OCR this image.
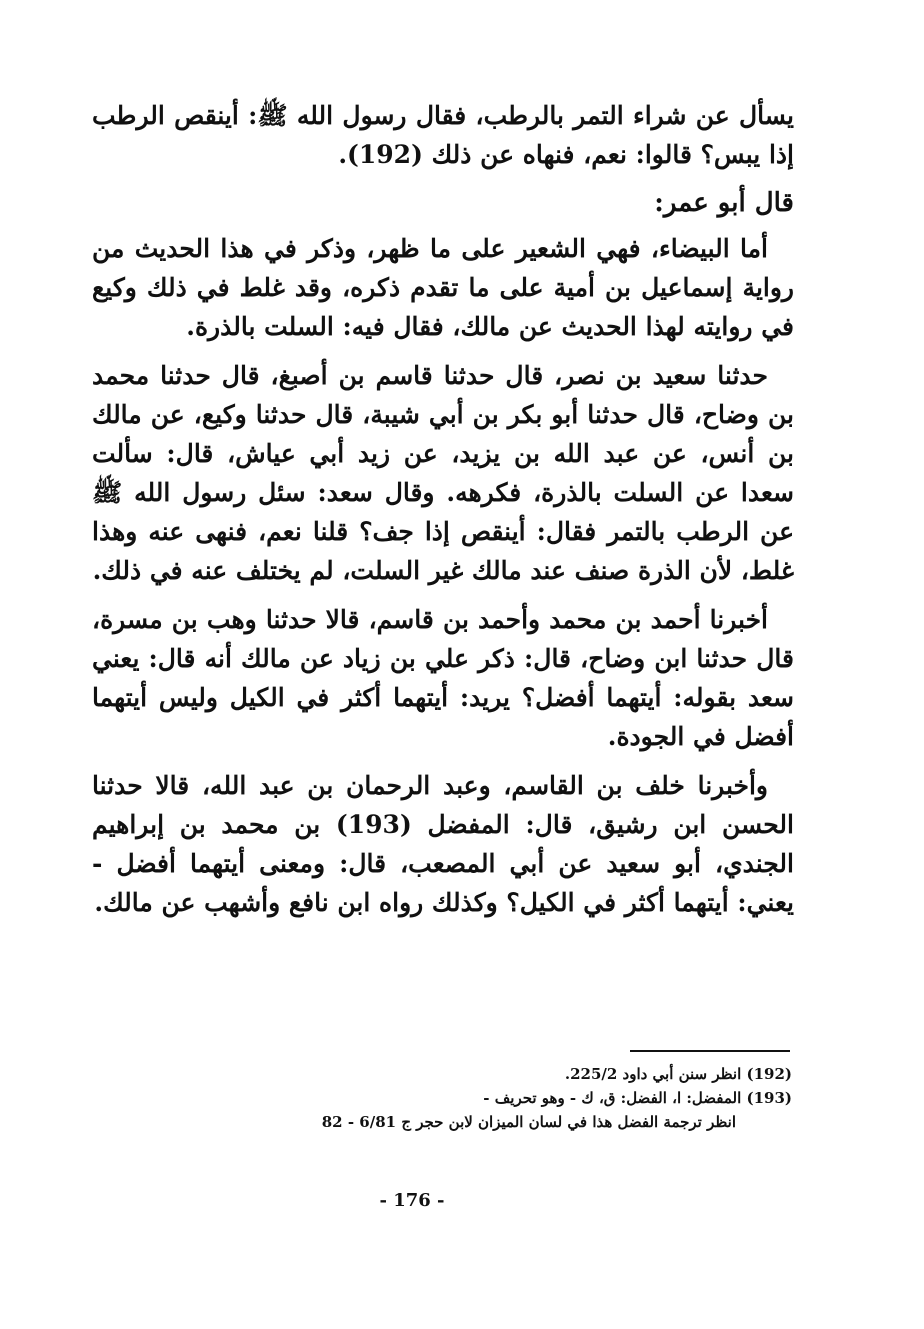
يسأل عن شراء التمر بالرطب، فقال رسول الله ﷺ: أينقص الرطب إذا يبس؟ قالوا: نعم، فنهاه عن ذلك (192).

قال أبو عمر:

أما البيضاء، فهي الشعير على ما ظهر، وذكر في هذا الحديث من رواية إسماعيل بن أمية على ما تقدم ذكره، وقد غلط في ذلك وكيع في روايته لهذا الحديث عن مالك، فقال فيه: السلت بالذرة.

حدثنا سعيد بن نصر، قال حدثنا قاسم بن أصبغ، قال حدثنا محمد بن وضاح، قال حدثنا أبو بكر بن أبي شيبة، قال حدثنا وكيع، عن مالك بن أنس، عن عبد الله بن يزيد، عن زيد أبي عياش، قال: سألت سعدا عن السلت بالذرة، فكرهه. وقال سعد: سئل رسول الله ﷺ عن الرطب بالتمر فقال: أينقص إذا جف؟ قلنا نعم، فنهى عنه وهذا غلط، لأن الذرة صنف عند مالك غير السلت، لم يختلف عنه في ذلك.

أخبرنا أحمد بن محمد وأحمد بن قاسم، قالا حدثنا وهب بن مسرة، قال حدثنا ابن وضاح، قال: ذكر علي بن زياد عن مالك أنه قال: يعني سعد بقوله: أيتهما أفضل؟ يريد: أيتهما أكثر في الكيل وليس أيتهما أفضل في الجودة.

وأخبرنا خلف بن القاسم، وعبد الرحمان بن عبد الله، قالا حدثنا الحسن ابن رشيق، قال: المفضل (193) بن محمد بن إبراهيم الجندي، أبو سعيد عن أبي المصعب، قال: ومعنى أيتهما أفضل - يعني: أيتهما أكثر في الكيل؟ وكذلك رواه ابن نافع وأشهب عن مالك.

(192) انظر سنن أبي داود 225/2.

(193) المفضل: ا، الفضل: ق، ك - وهو تحريف -

انظر ترجمة الفضل هذا في لسان الميزان لابن حجر ج 6/81 - 82

- 176 -
